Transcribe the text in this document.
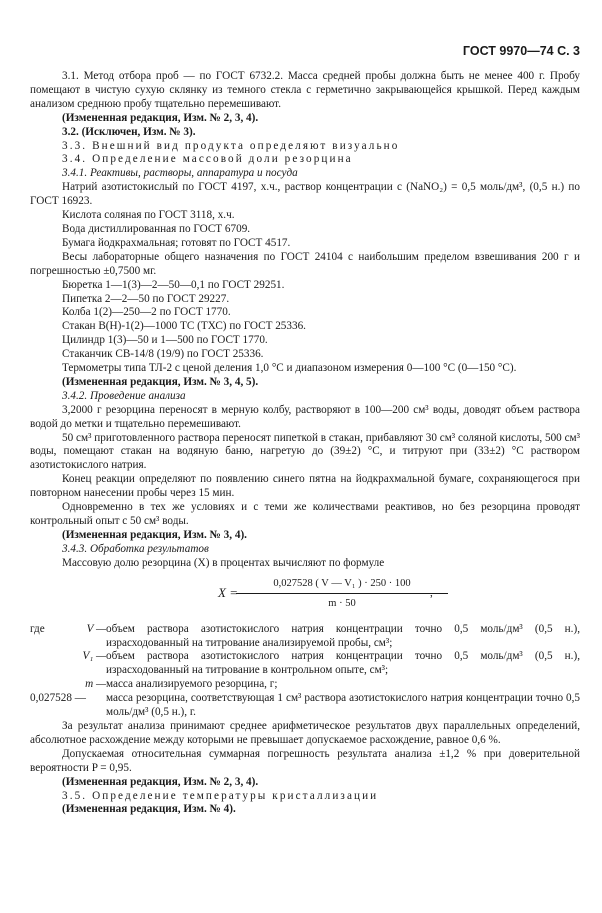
ГОСТ 9970—74 С. 3

3.1. Метод отбора проб — по ГОСТ 6732.2. Масса средней пробы должна быть не менее 400 г. Пробу помещают в чистую сухую склянку из темного стекла с герметично закрывающейся крышкой. Перед каждым анализом среднюю пробу тщательно перемешивают.

(Измененная редакция, Изм. № 2, 3, 4).

3.2. (Исключен, Изм. № 3).

3.3. Внешний вид продукта определяют визуально

3.4. Определение массовой доли резорцина

3.4.1. Реактивы, растворы, аппаратура и посуда

Натрий азотистокислый по ГОСТ 4197, х.ч., раствор концентрации с (NaNO₂) = 0,5 моль/дм³, (0,5 н.) по ГОСТ 16923.

Кислота соляная по ГОСТ 3118, х.ч.

Вода дистиллированная по ГОСТ 6709.

Бумага йодкрахмальная; готовят по ГОСТ 4517.

Весы лабораторные общего назначения по ГОСТ 24104 с наибольшим пределом взвешивания 200 г и погрешностью ±0,7500 мг.

Бюретка 1—1(3)—2—50—0,1 по ГОСТ 29251.

Пипетка 2—2—50 по ГОСТ 29227.

Колба 1(2)—250—2 по ГОСТ 1770.

Стакан В(Н)-1(2)—1000 ТС (ТХС) по ГОСТ 25336.

Цилиндр 1(3)—50 и 1—500 по ГОСТ 1770.

Стаканчик СВ-14/8 (19/9) по ГОСТ 25336.

Термометры типа ТЛ-2 с ценой деления 1,0 °С и диапазоном измерения 0—100 °С (0—150 °С).

(Измененная редакция, Изм. № 3, 4, 5).

3.4.2. Проведение анализа

3,2000 г резорцина переносят в мерную колбу, растворяют в 100—200 см³ воды, доводят объем раствора водой до метки и тщательно перемешивают.

50 см³ приготовленного раствора переносят пипеткой в стакан, прибавляют 30 см³ соляной кислоты, 500 см³ воды, помещают стакан на водяную баню, нагретую до (39±2) °С, и титруют при (33±2) °С раствором азотистокислого натрия.

Конец реакции определяют по появлению синего пятна на йодкрахмальной бумаге, сохраняющегося при повторном нанесении пробы через 15 мин.

Одновременно в тех же условиях и с теми же количествами реактивов, но без резорцина проводят контрольный опыт с 50 см³ воды.

(Измененная редакция, Изм. № 3, 4).

3.4.3. Обработка результатов

Массовую долю резорцина (X) в процентах вычисляют по формуле

X =
$\frac{\text{0,027528 ( V — V₁ ) · 250 · 100}}{m \cdot 50}$
,
где	V —	объем раствора азотистокислого натрия концентрации точно 0,5 моль/дм³ (0,5 н.), израсходованный на титрование анализируемой пробы, см³;
	V₁ —	объем раствора азотистокислого натрия концентрации точно 0,5 моль/дм³ (0,5 н.), израсходованный на титрование в контрольном опыте, см³;
	m —	масса анализируемого резорцина, г;
0,027528 —		масса резорцина, соответствующая 1 см³ раствора азотистокислого натрия концентрации точно 0,5 моль/дм³ (0,5 н.), г.

За результат анализа принимают среднее арифметическое результатов двух параллельных определений, абсолютное расхождение между которыми не превышает допускаемое расхождение, равное 0,6 %.

Допускаемая относительная суммарная погрешность результата анализа ±1,2 % при доверительной вероятности P = 0,95.

(Измененная редакция, Изм. № 2, 3, 4).

3.5. Определение температуры кристаллизации

(Измененная редакция, Изм. № 4).
